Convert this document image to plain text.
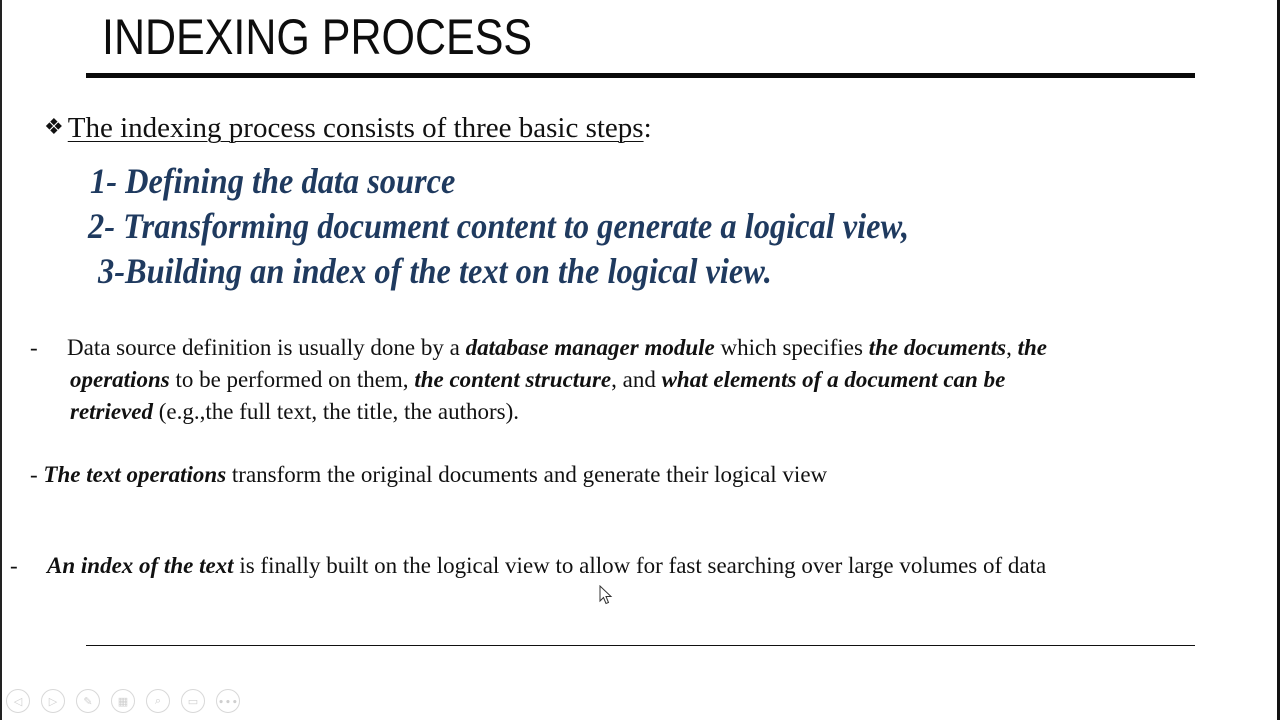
INDEXING PROCESS
❖ The indexing process consists of three basic steps:
1- Defining the data source
2- Transforming document content to generate a logical view,
3-Building an index of the text on the logical view.
- Data source definition is usually done by a database manager module which specifies the documents, the
operations to be performed on them, the content structure, and what elements of a document can be
retrieved (e.g.,the full text, the title, the authors).
- The text operations transform the original documents and generate their logical view
- An index of the text is finally built on the logical view to allow for fast searching over large volumes of data
◁ ▷ ✎ ▦ ⌕ ▭ ∙∙∙
